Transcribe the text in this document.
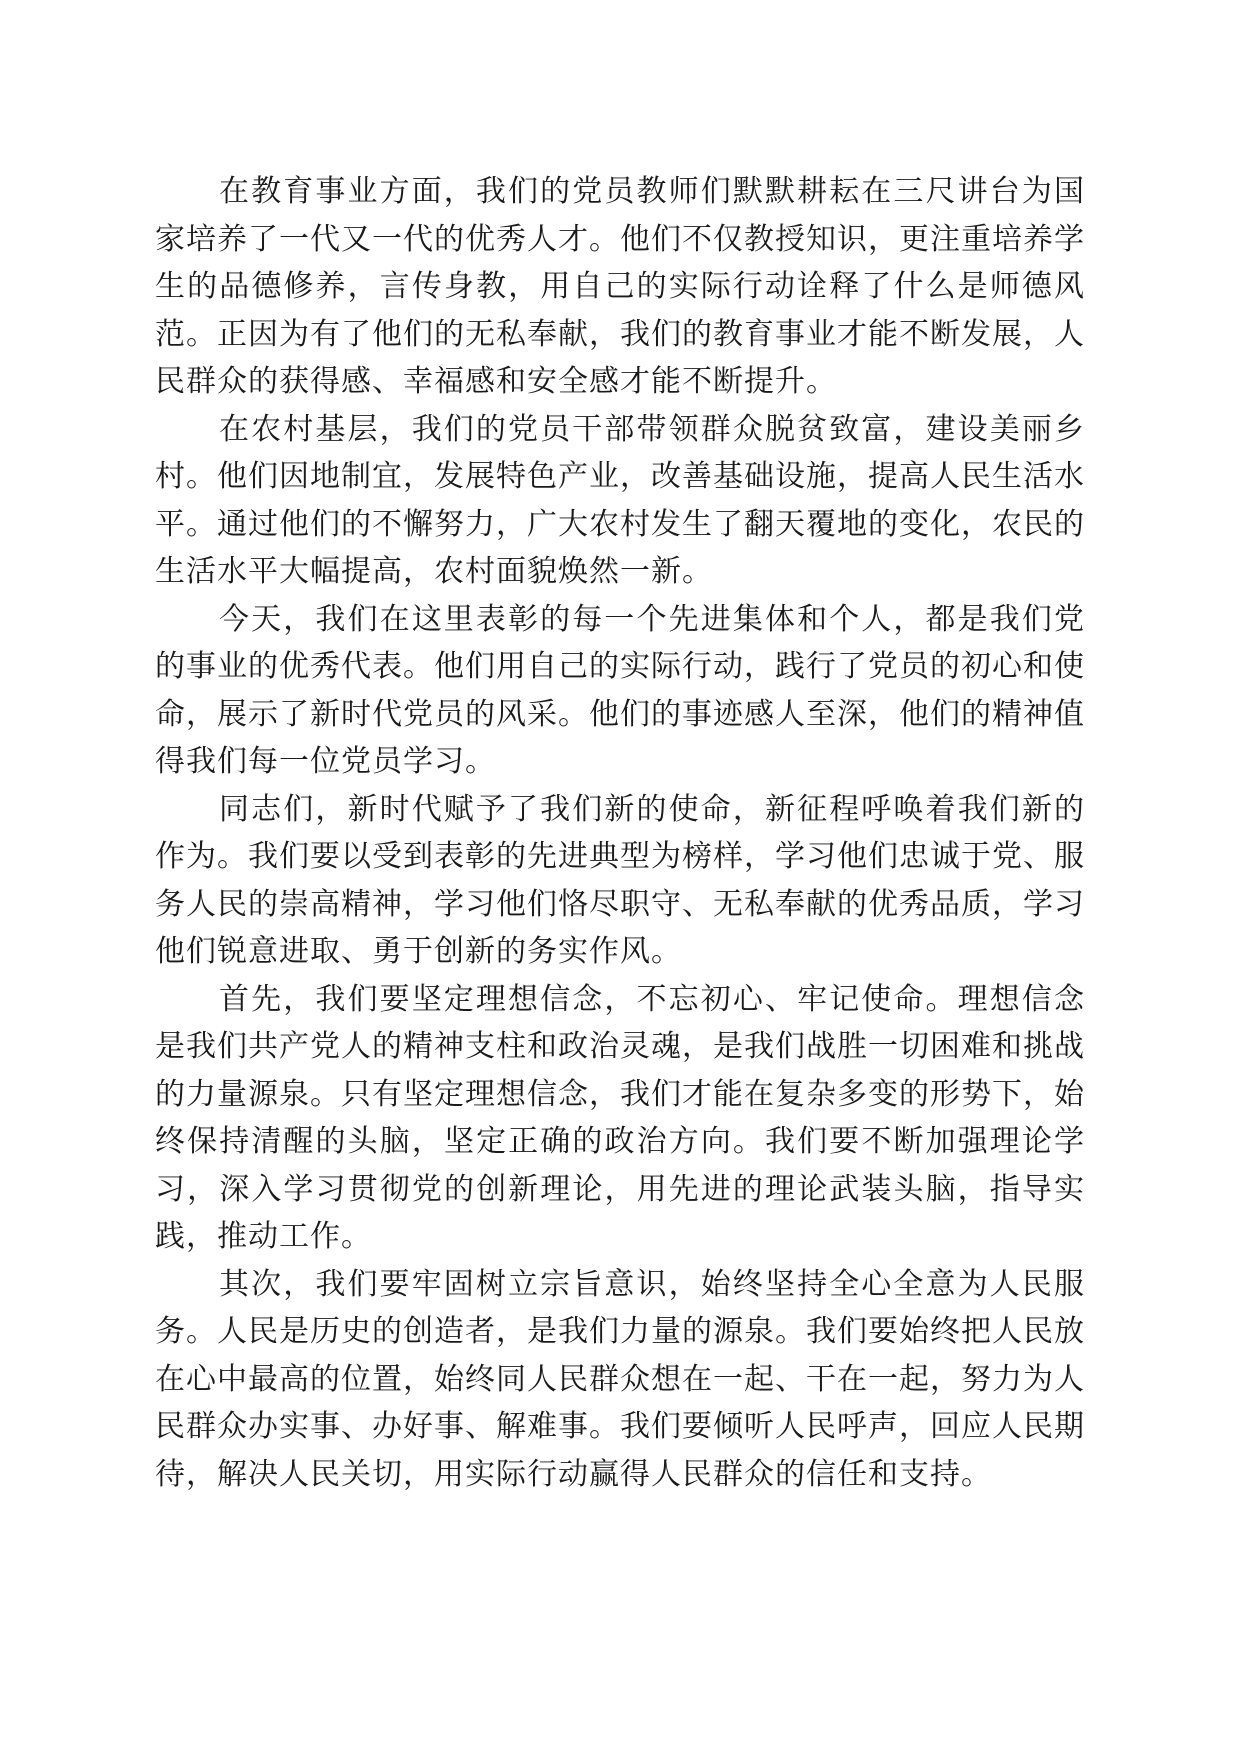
在教育事业方面，我们的党员教师们默默耕耘在三尺讲台为国家培养了一代又一代的优秀人才。他们不仅教授知识，更注重培养学生的品德修养，言传身教，用自己的实际行动诠释了什么是师德风范。正因为有了他们的无私奉献，我们的教育事业才能不断发展，人民群众的获得感、幸福感和安全感才能不断提升。

在农村基层，我们的党员干部带领群众脱贫致富，建设美丽乡村。他们因地制宜，发展特色产业，改善基础设施，提高人民生活水平。通过他们的不懈努力，广大农村发生了翻天覆地的变化，农民的生活水平大幅提高，农村面貌焕然一新。

今天，我们在这里表彰的每一个先进集体和个人，都是我们党的事业的优秀代表。他们用自己的实际行动，践行了党员的初心和使命，展示了新时代党员的风采。他们的事迹感人至深，他们的精神值得我们每一位党员学习。

同志们，新时代赋予了我们新的使命，新征程呼唤着我们新的作为。我们要以受到表彰的先进典型为榜样，学习他们忠诚于党、服务人民的崇高精神，学习他们恪尽职守、无私奉献的优秀品质，学习他们锐意进取、勇于创新的务实作风。

首先，我们要坚定理想信念，不忘初心、牢记使命。理想信念是我们共产党人的精神支柱和政治灵魂，是我们战胜一切困难和挑战的力量源泉。只有坚定理想信念，我们才能在复杂多变的形势下，始终保持清醒的头脑，坚定正确的政治方向。我们要不断加强理论学习，深入学习贯彻党的创新理论，用先进的理论武装头脑，指导实践，推动工作。

其次，我们要牢固树立宗旨意识，始终坚持全心全意为人民服务。人民是历史的创造者，是我们力量的源泉。我们要始终把人民放在心中最高的位置，始终同人民群众想在一起、干在一起，努力为人民群众办实事、办好事、解难事。我们要倾听人民呼声，回应人民期待，解决人民关切，用实际行动赢得人民群众的信任和支持。
